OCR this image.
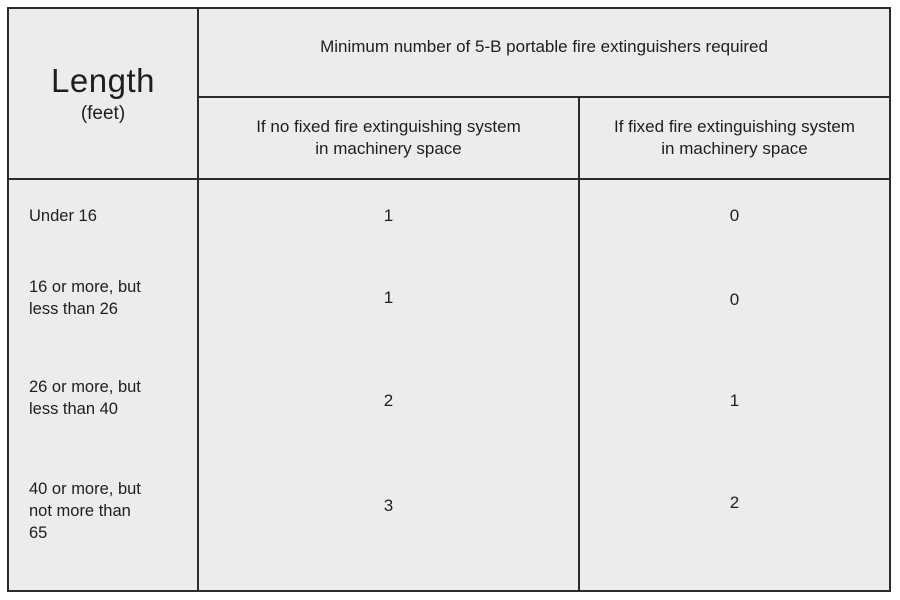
Length
(feet)
Minimum number of 5-B portable fire extinguishers required
If no fixed fire extinguishing system
in machinery space
If fixed fire extinguishing system
in machinery space
Under 16	1	0
16 or more, but
less than 26
1	0
26 or more, but
less than 40	2	1
40 or more, but
not more than
65
3	2
